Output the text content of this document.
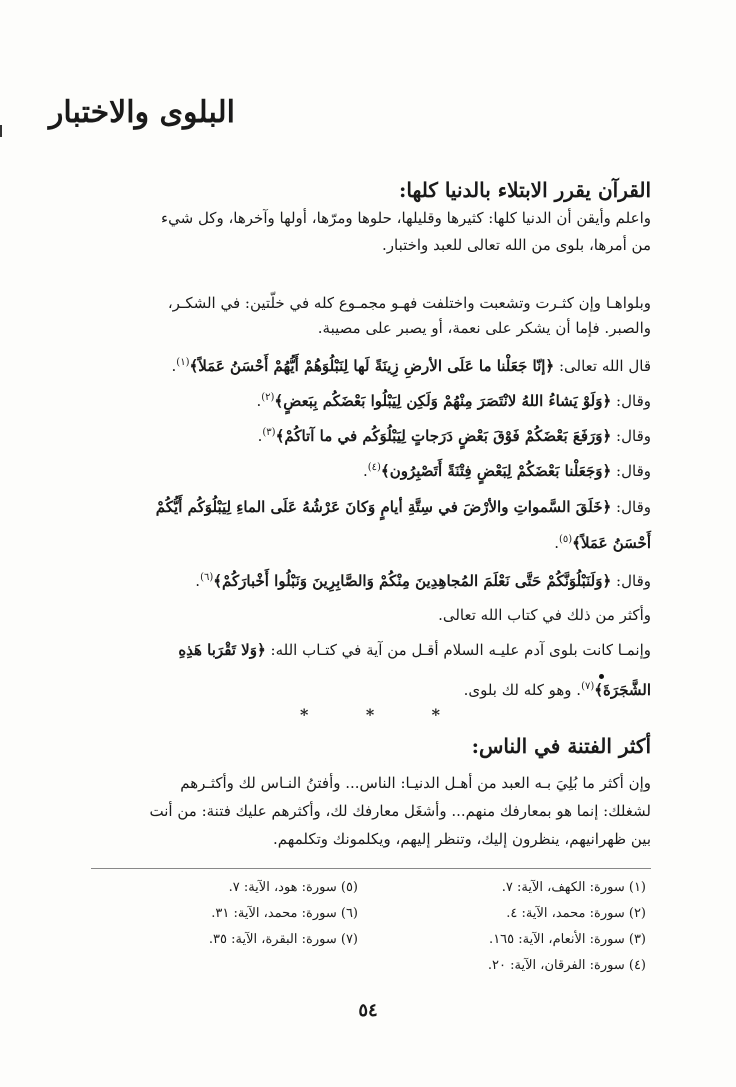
البلوى والاختبار
القرآن يقرر الابتلاء بالدنيا كلها:

واعلم وأيقن أن الدنيا كلها: كثيرها وقليلها، حلوها ومرّها، أولها وآخرها، وكل شيء

من أمرها، بلوى من الله تعالى للعبد واختبار.

وبلواهـا وإن كثـرت وتشعبت واختلفت فهـو مجمـوع كله في خلّتين: في الشكـر،

والصبر. فإما أن يشكر على نعمة، أو يصبر على مصيبة.

قال الله تعالى: ﴿إنّا جَعَلْنا ما عَلَى الأرضِ زِينَةً لَها لِنَبْلُوَهُمْ أَيُّهُمْ أَحْسَنُ عَمَلاً﴾$^{(١)}$.

وقال: ﴿وَلَوْ يَشاءُ اللهُ لانْتَصَرَ مِنْهُمْ وَلَكِن لِيَبْلُوا بَعْضَكُم بِبَعضٍ﴾$^{(٢)}$.

وقال: ﴿وَرَفَعَ بَعْضَكُمْ فَوْقَ بَعْضٍ دَرَجاتٍ لِيَبْلُوَكُم في ما آتاكُمْ﴾$^{(٣)}$.

وقال: ﴿وَجَعَلْنا بَعْضَكُمْ لِبَعْضٍ فِتْنَةً أَتَصْبِرُون﴾$^{(٤)}$.

وقال: ﴿خَلَقَ السَّمواتِ والأرْضَ في سِتَّةِ أيامٍ وَكانَ عَرْشُهُ عَلَى الماءِ لِيَبْلُوَكُم أَيُّكُمْ

أَحْسَنُ عَمَلاً﴾$^{(٥)}$.

وقال: ﴿وَلَنَبْلُوَنَّكُمْ حَتَّى نَعْلَمَ المُجاهِدِينَ مِنْكُمْ وَالصَّابِرِينَ وَنَبْلُوا أَخْبارَكُمْ﴾$^{(٦)}$.

وأكثر من ذلك في كتاب الله تعالى.

وإنمـا كانت بلوى آدم عليـه السلام أقـل من آية في كتـاب الله: ﴿وَلا تَقْرَبا هَذِهِ

الشَّجَرَةَ﴾$^{(٧)}$. وهو كله لك بلوى.

*	*	*
أكثر الفتنة في الناس:

وإن أكثر ما بُلِيَ بـه العبد من أهـل الدنيـا: الناس... وأفتنُ النـاس لك وأكثـرهم

لشغلك: إنما هو بمعارفك منهم... وأشغَل معارفك لك، وأكثرهم عليك فتنة: من أنت

بين ظهرانيهم، ينظرون إليك، وتنظر إليهم، ويكلمونك وتكلمهم.

(١) سورة: الكهف، الآية: ٧.

(٢) سورة: محمد، الآية: ٤.

(٣) سورة: الأنعام، الآية: ١٦٥.

(٤) سورة: الفرقان، الآية: ٢٠.

(٥) سورة: هود، الآية: ٧.

(٦) سورة: محمد، الآية: ٣١.

(٧) سورة: البقرة، الآية: ٣٥.

٥٤
